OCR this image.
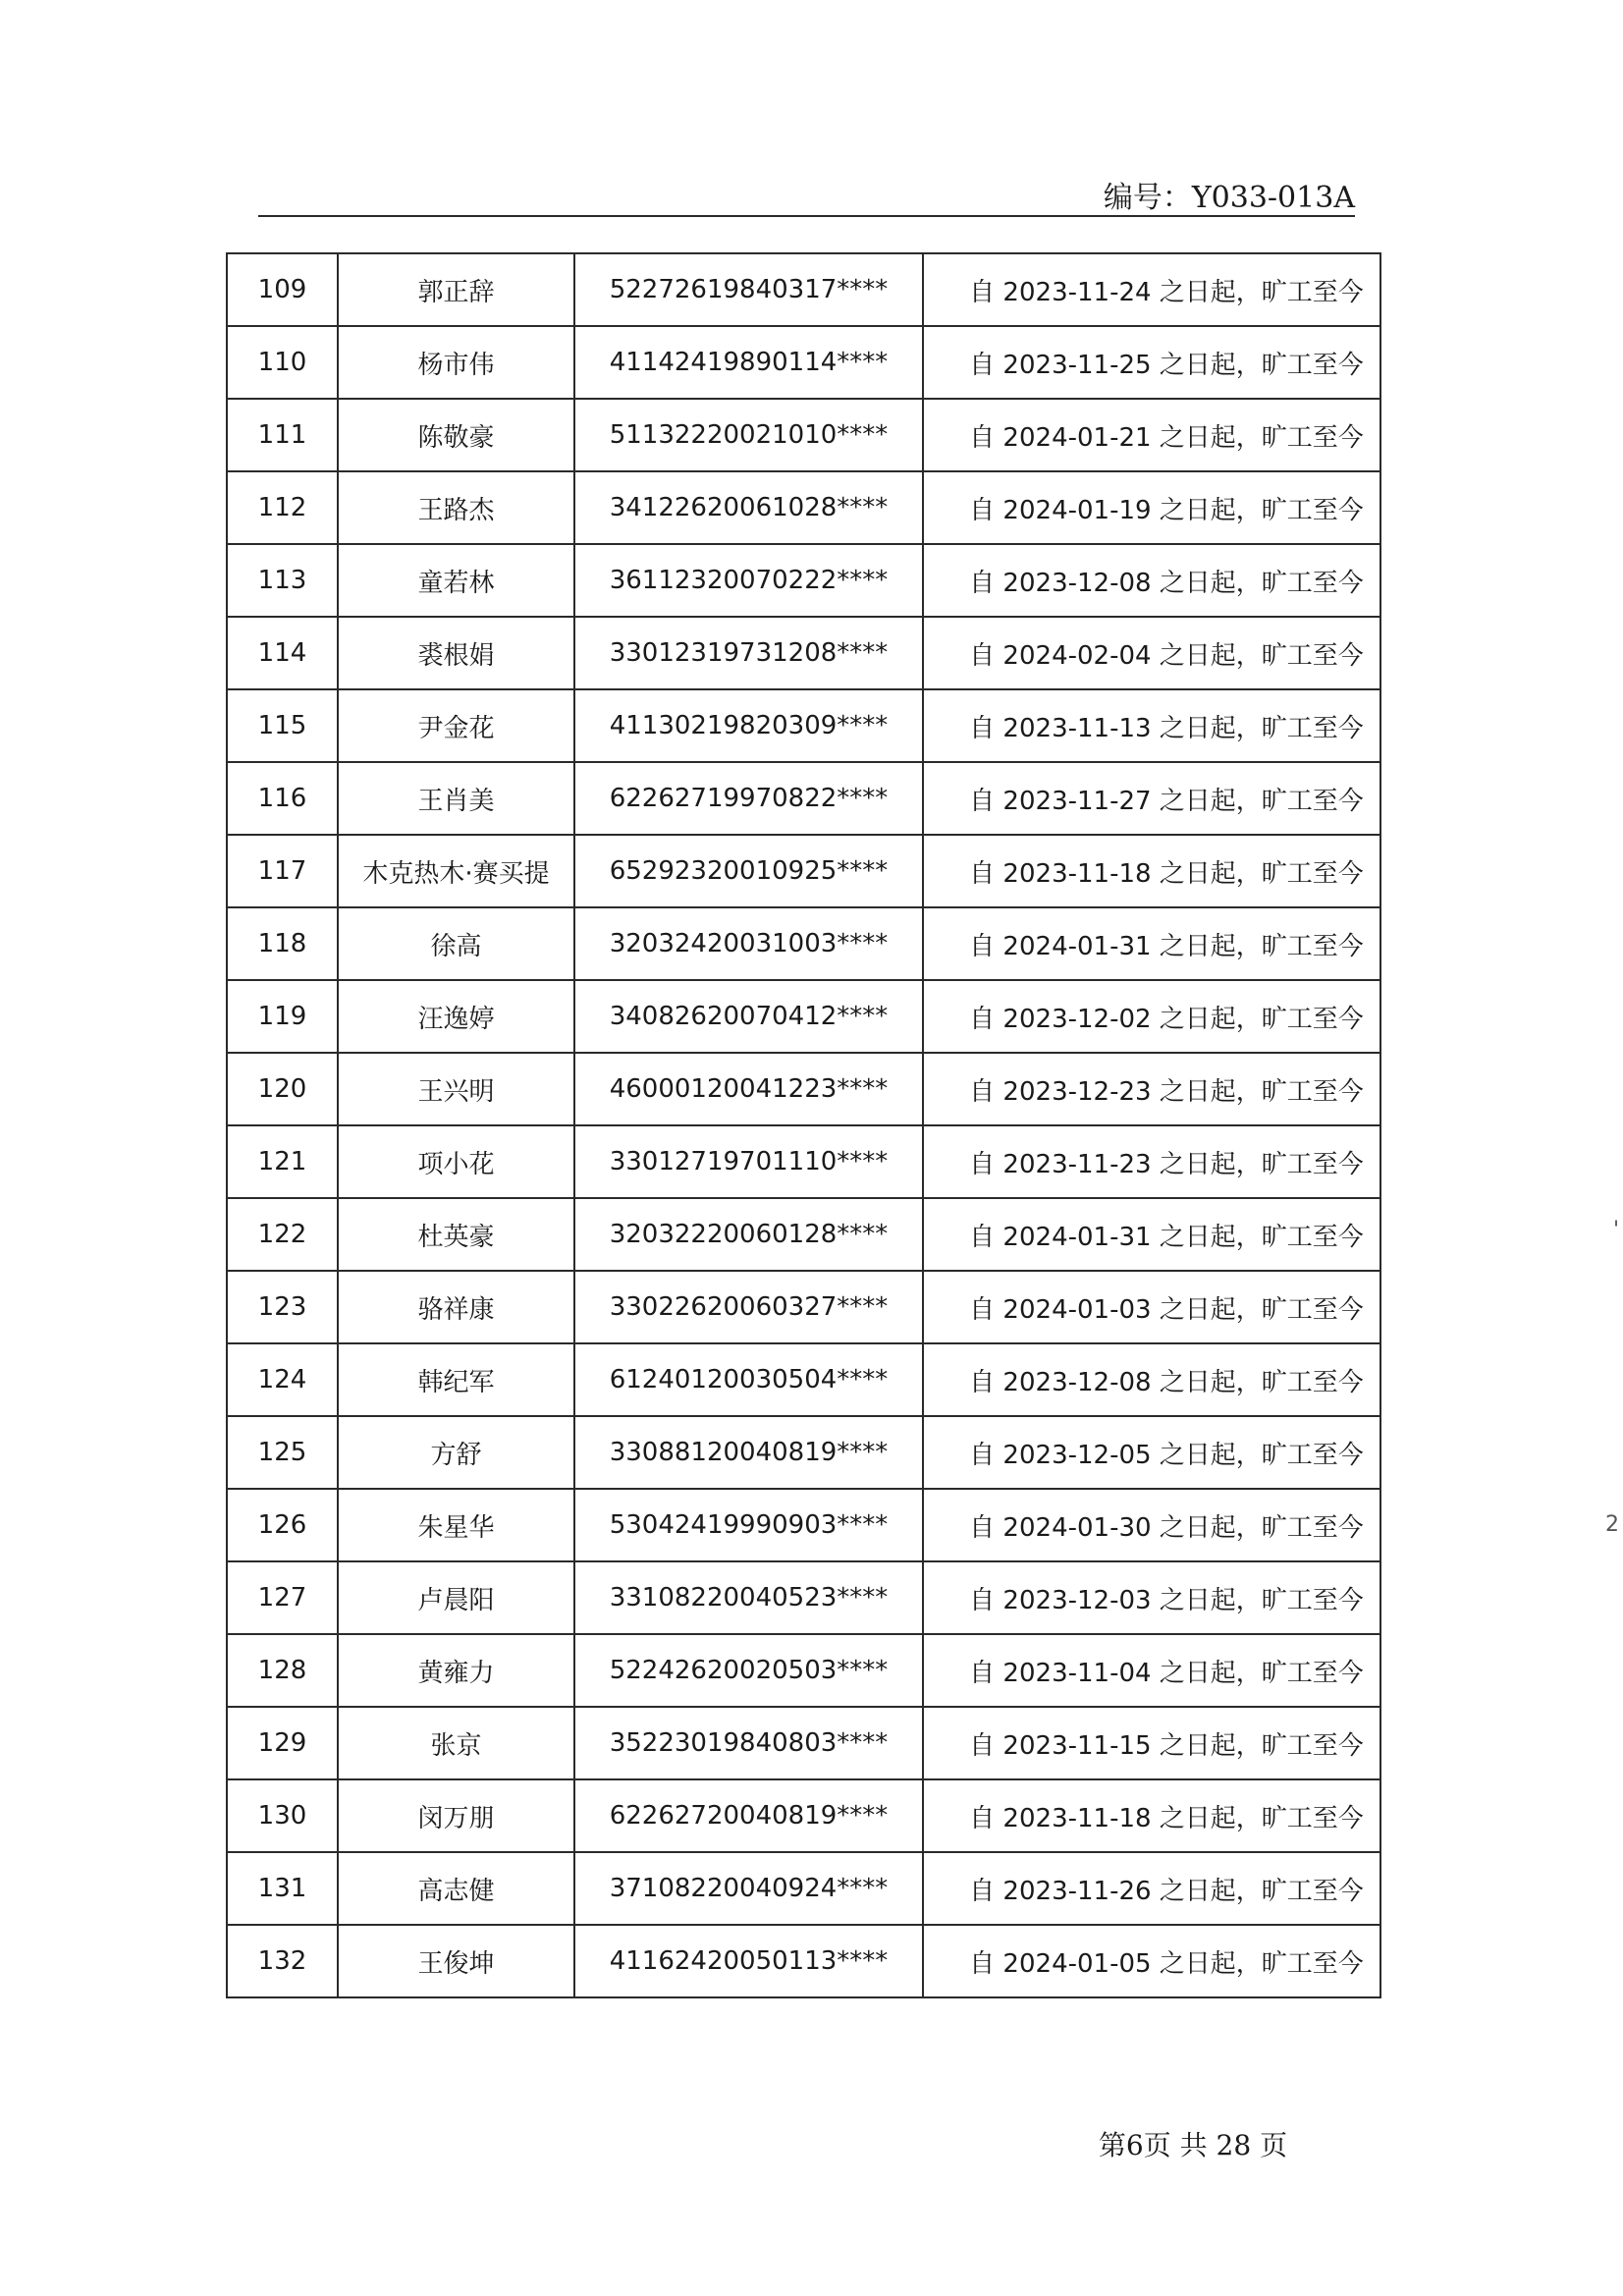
编号：Y033-013A
109	郭正辞	52272619840317****	自 2023-11-24 之日起，旷工至今
110	杨市伟	41142419890114****	自 2023-11-25 之日起，旷工至今
111	陈敬豪	51132220021010****	自 2024-01-21 之日起，旷工至今
112	王路杰	34122620061028****	自 2024-01-19 之日起，旷工至今
113	童若林	36112320070222****	自 2023-12-08 之日起，旷工至今
114	裘根娟	33012319731208****	自 2024-02-04 之日起，旷工至今
115	尹金花	41130219820309****	自 2023-11-13 之日起，旷工至今
116	王肖美	62262719970822****	自 2023-11-27 之日起，旷工至今
117	木克热木·赛买提	65292320010925****	自 2023-11-18 之日起，旷工至今
118	徐高	32032420031003****	自 2024-01-31 之日起，旷工至今
119	汪逸婷	34082620070412****	自 2023-12-02 之日起，旷工至今
120	王兴明	46000120041223****	自 2023-12-23 之日起，旷工至今
121	项小花	33012719701110****	自 2023-11-23 之日起，旷工至今
122	杜英豪	32032220060128****	自 2024-01-31 之日起，旷工至今
123	骆祥康	33022620060327****	自 2024-01-03 之日起，旷工至今
124	韩纪军	61240120030504****	自 2023-12-08 之日起，旷工至今
125	方舒	33088120040819****	自 2023-12-05 之日起，旷工至今
126	朱星华	53042419990903****	自 2024-01-30 之日起，旷工至今
127	卢晨阳	33108220040523****	自 2023-12-03 之日起，旷工至今
128	黄雍力	52242620020503****	自 2023-11-04 之日起，旷工至今
129	张京	35223019840803****	自 2023-11-15 之日起，旷工至今
130	闵万朋	62262720040819****	自 2023-11-18 之日起，旷工至今
131	高志健	37108220040924****	自 2023-11-26 之日起，旷工至今
132	王俊坤	41162420050113****	自 2024-01-05 之日起，旷工至今
第6页 共 28 页
'
2
